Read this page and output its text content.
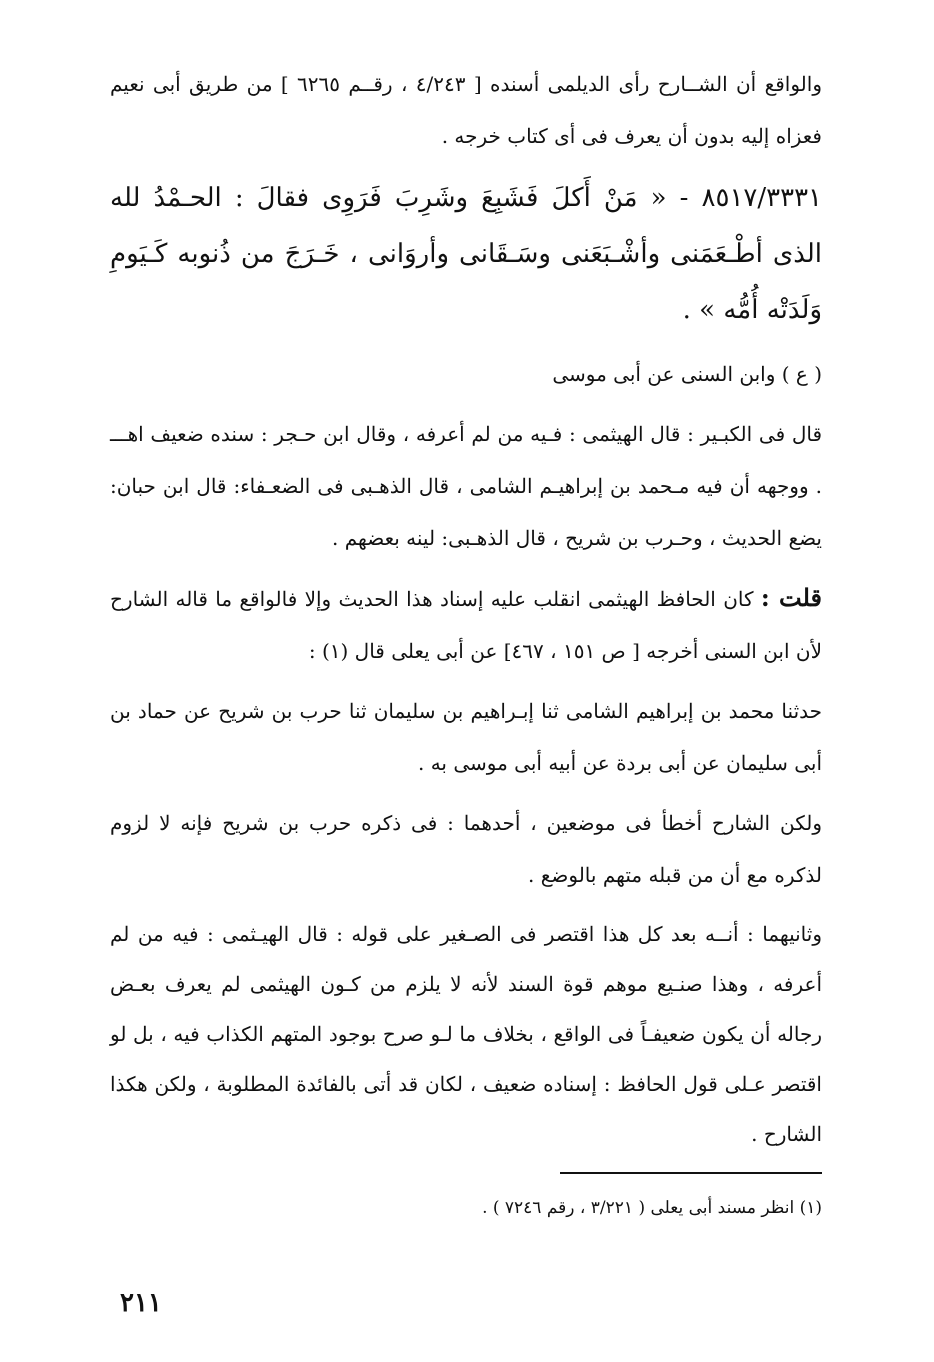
والواقع أن الشــارح رأى الديلمى أسنده [ ٤/٢٤٣ ، رقــم ٦٢٦٥ ] من طريق أبى نعيم فعزاه إليه بدون أن يعرف فى أى كتاب خرجه .

٨٥١٧/٣٣٣١ - « مَنْ أَكلَ فَشَبِعَ وشَرِبَ فَرَوِى فقالَ : الحـمْدُ لله الذى أطْـعَمَنى وأشْـبَعَنى وسَـقَانى وأروَانى ، خَـرَجَ من ذُنوبه كَـيَومِ وَلَدَتْه أُمُّه » .

( ع ) وابن السنى عن أبى موسى

قال فى الكبـير : قال الهيثمى : فـيه من لم أعرفه ، وقال ابن حـجر : سنده ضعيف اهـــ . ووجهه أن فيه مـحمد بن إبراهيـم الشامى ، قال الذهـبى فى الضعـفاء: قال ابن حبان: يضع الحديث ، وحـرب بن شريح ، قال الذهـبى: لينه بعضهم .

قلت : كان الحافظ الهيثمى انقلب عليه إسناد هذا الحديث وإلا فالواقع ما قاله الشارح لأن ابن السنى أخرجه [ ص ١٥١ ، ٤٦٧] عن أبى يعلى قال (١) :

حدثنا محمد بن إبراهيم الشامى ثنا إبـراهيم بن سليمان ثنا حرب بن شريح عن حماد بن أبى سليمان عن أبى بردة عن أبيه أبى موسى به .

ولكن الشارح أخطأ فى موضعين ، أحدهما : فى ذكره حرب بن شريح فإنه لا لزوم لذكره مع أن من قبله متهم بالوضع .

وثانيهما : أنــه بعد كل هذا اقتصر فى الصـغير على قوله : قال الهيـثمى : فيه من لم أعرفه ، وهذا صنـيع موهم قوة السند لأنه لا يلزم من كـون الهيثمى لم يعرف بعـض رجاله أن يكون ضعيفـاً فى الواقع ، بخلاف ما لـو صرح بوجود المتهم الكذاب فيه ، بل لو اقتصر عـلى قول الحافظ : إسناده ضعيف ، لكان قد أتى بالفائدة المطلوبة ، ولكن هكذا الشارح .

(١) انظر مسند أبى يعلى ( ٣/٢٢١ ، رقم ٧٢٤٦ ) .
٢١١
